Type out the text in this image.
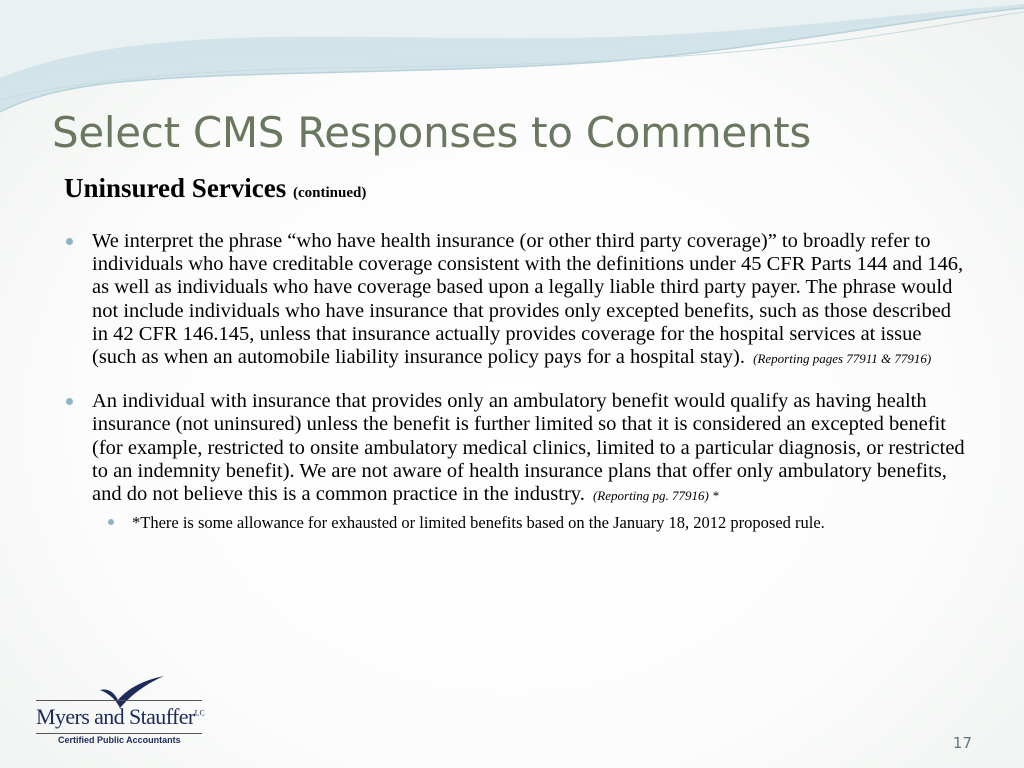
Select CMS Responses to Comments
Uninsured Services (continued)
We interpret the phrase “who have health insurance (or other third party coverage)” to broadly refer to individuals who have creditable coverage consistent with the definitions under 45 CFR Parts 144 and 146, as well as individuals who have coverage based upon a legally liable third party payer. The phrase would not include individuals who have insurance that provides only excepted benefits, such as those described in 42 CFR 146.145, unless that insurance actually provides coverage for the hospital services at issue (such as when an automobile liability insurance policy pays for a hospital stay). (Reporting pages 77911 & 77916)
An individual with insurance that provides only an ambulatory benefit would qualify as having health insurance (not uninsured) unless the benefit is further limited so that it is considered an excepted benefit (for example, restricted to onsite ambulatory medical clinics, limited to a particular diagnosis, or restricted to an indemnity benefit). We are not aware of health insurance plans that offer only ambulatory benefits, and do not believe this is a common practice in the industry. (Reporting pg. 77916) *
*There is some allowance for exhausted or limited benefits based on the January 18, 2012 proposed rule.
Myers and Stauffer$^{LC}$
Certified Public Accountants	17
